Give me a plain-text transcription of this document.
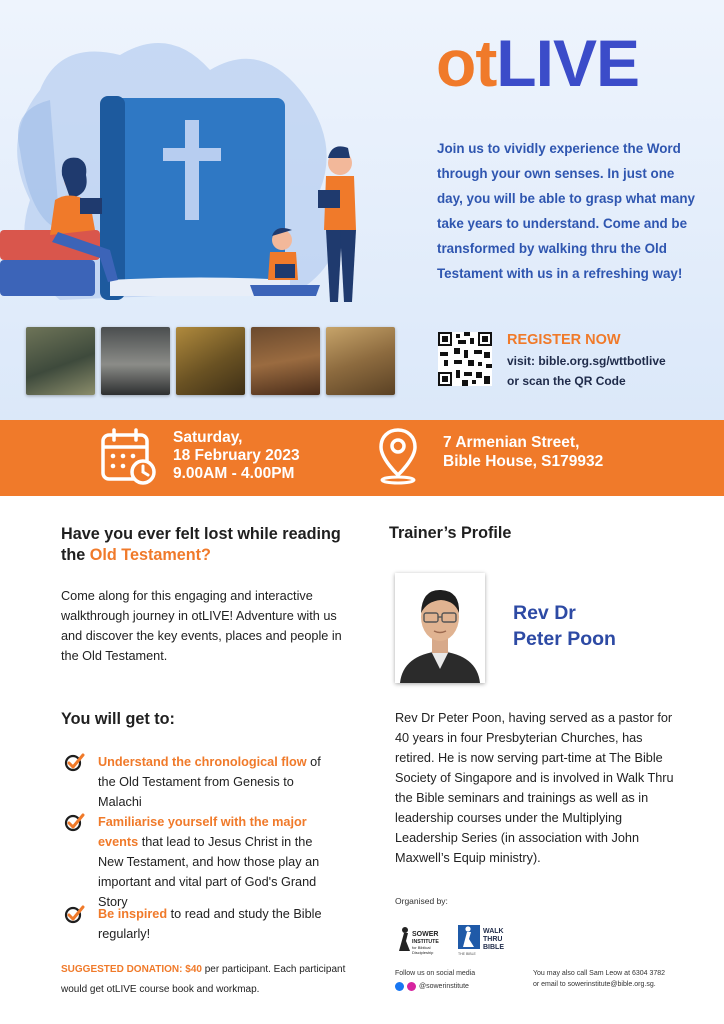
otLIVE
Join us to vividly experience the Word through your own senses. In just one day, you will be able to grasp what many take years to understand. Come and be transformed by walking thru the Old Testament with us in a refreshing way!
REGISTER NOW
visit: bible.org.sg/wttbotlive
or scan the QR Code
Saturday,
18 February 2023
9.00AM - 4.00PM
7 Armenian Street,
Bible House, S179932
Have you ever felt lost while reading the Old Testament?
Come along for this engaging and interactive walkthrough journey in otLIVE! Adventure with us and discover the key events, places and people in the Old Testament.
You will get to:
Understand the chronological flow of the Old Testament from Genesis to Malachi
Familiarise yourself with the major events that lead to Jesus Christ in the New Testament, and how those play an important and vital part of God's Grand Story
Be inspired to read and study the Bible regularly!
SUGGESTED DONATION: $40 per participant. Each participant would get otLIVE course book and workmap.
Trainer’s Profile
Rev Dr
Peter Poon
Rev Dr Peter Poon, having served as a pastor for 40 years in four Presbyterian Churches, has retired. He is now serving part-time at The Bible Society of Singapore and is involved in Walk Thru the Bible seminars and trainings as well as in leadership courses under the Multiplying Leadership Series (in association with John Maxwell’s Equip ministry).
Organised by:
SOWER
INSTITUTE
for Biblical
Discipleship
WALK
THRU
BIBLE
THE BIBLE
Follow us on social media
@sowerinstitute
You may also call Sam Leow at 6304 3782
or email to sowerinstitute@bible.org.sg.
